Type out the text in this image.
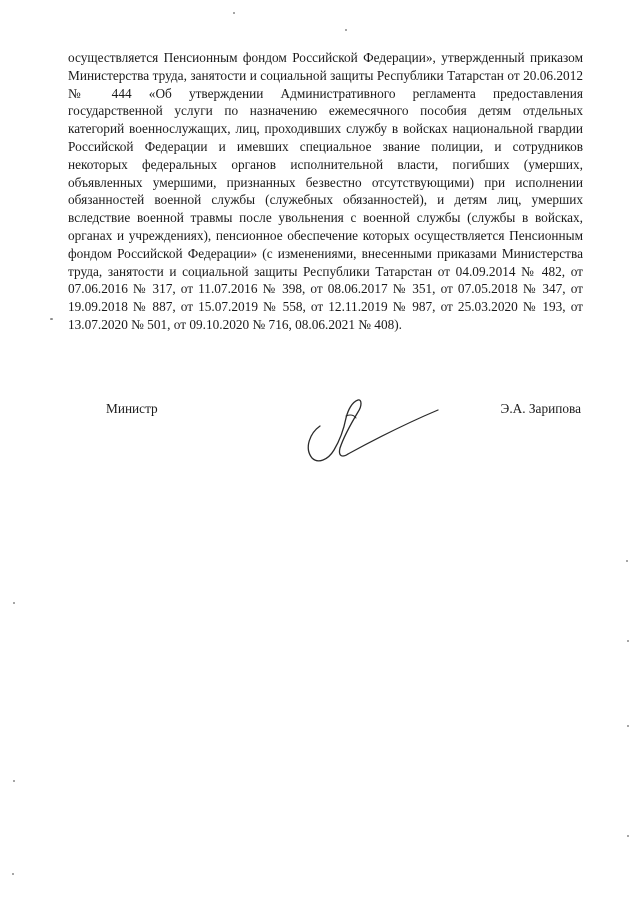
осуществляется Пенсионным фондом Российской Федерации», утвержденный приказом Министерства труда, занятости и социальной защиты Республики Татарстан от 20.06.2012 № 444 «Об утверждении Административного регламента предоставления государственной услуги по назначению ежемесячного пособия детям отдельных категорий военнослужащих, лиц, проходивших службу в войсках национальной гвардии Российской Федерации и имевших специальное звание полиции, и сотрудников некоторых федеральных органов исполнительной власти, погибших (умерших, объявленных умершими, признанных безвестно отсутствующими) при исполнении обязанностей военной службы (служебных обязанностей), и детям лиц, умерших вследствие военной травмы после увольнения с военной службы (службы в войсках, органах и учреждениях), пенсионное обеспечение которых осуществляется Пенсионным фондом Российской Федерации» (с изменениями, внесенными приказами Министерства труда, занятости и социальной защиты Республики Татарстан от 04.09.2014 № 482, от 07.06.2016 № 317, от 11.07.2016 № 398, от 08.06.2017 № 351, от 07.05.2018 № 347, от 19.09.2018 № 887, от 15.07.2019 № 558, от 12.11.2019 № 987, от 25.03.2020 № 193, от 13.07.2020 № 501, от 09.10.2020 № 716, 08.06.2021 № 408).

Министр	Э.А. Зарипова
